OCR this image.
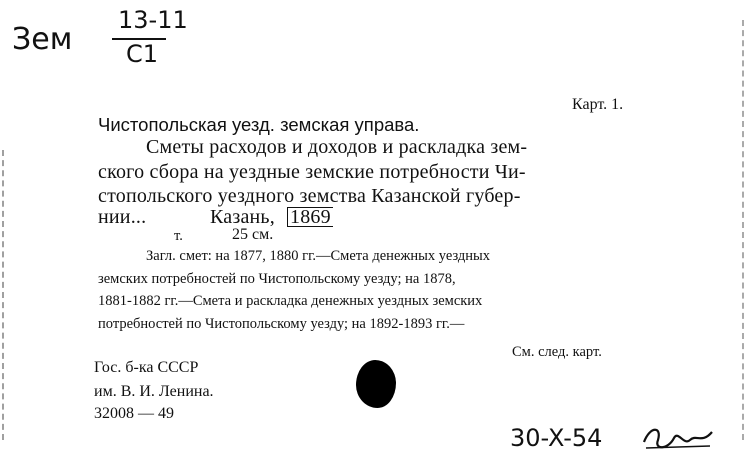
Зем
13-11
C1
Карт. 1.
Чистопольская уезд. земская управа.
Сметы расходов и доходов и раскладка зем-
ского сбора на уездные земские потребности Чи-
стопольского уездного земства Казанской губер-
нии...	Казань, 1869
т.	25 см.
Загл. смет: на 1877, 1880 гг.—Смета денежных уездных
земских потребностей по Чистопольскому уезду; на 1878,
1881-1882 гг.—Смета и раскладка денежных уездных земских
потребностей по Чистопольскому уезду; на 1892-1893 гг.—
См. след. карт.
Гос. б-ка СССР
им. В. И. Ленина.
32008 — 49
30-X-54
